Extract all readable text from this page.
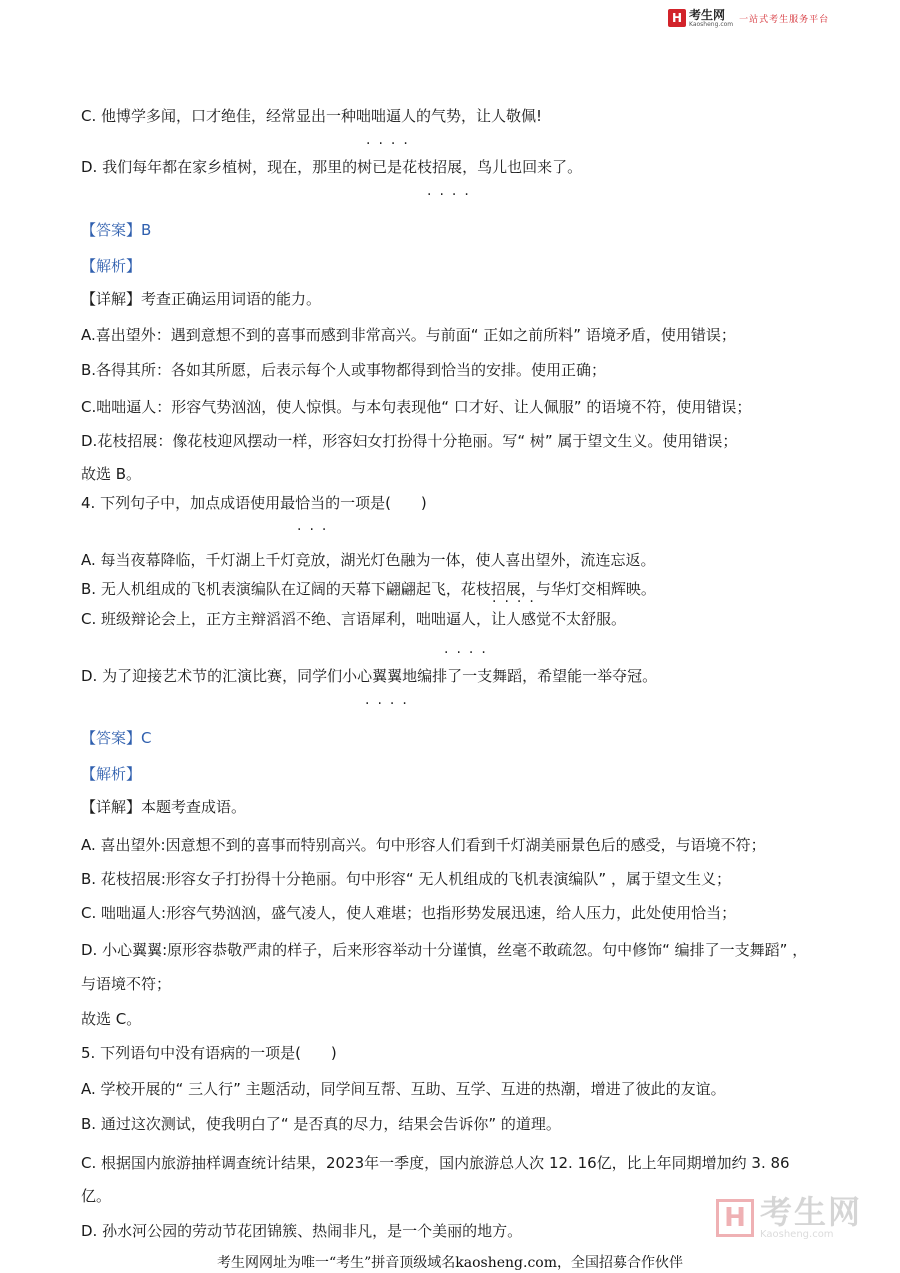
H 考生网
Kaosheng.com 一站式考生服务平台
C. 他博学多闻，口才绝佳，经常显出一种咄咄逼人的气势，让人敬佩!
····
D. 我们每年都在家乡植树，现在，那里的树已是花枝招展，鸟儿也回来了。
····
【答案】B
【解析】
【详解】考查正确运用词语的能力。
A.喜出望外：遇到意想不到的喜事而感到非常高兴。与前面“ 正如之前所料” 语境矛盾，使用错误；
B.各得其所：各如其所愿，后表示每个人或事物都得到恰当的安排。使用正确；
C.咄咄逼人：形容气势汹汹，使人惊惧。与本句表现他“ 口才好、让人佩服” 的语境不符，使用错误；
D.花枝招展：像花枝迎风摆动一样，形容妇女打扮得十分艳丽。写“ 树” 属于望文生义。使用错误；
故选 B。
4. 下列句子中，加点成语使用最恰当的一项是(　　)
···
A. 每当夜幕降临，千灯湖上千灯竞放，湖光灯色融为一体，使人喜出望外，流连忘返。
B. 无人机组成的飞机表演编队在辽阔的天幕下翩翩起飞，花枝招展，与华灯交相辉映。
····
C. 班级辩论会上，正方主辩滔滔不绝、言语犀利，咄咄逼人，让人感觉不太舒服。
····
D. 为了迎接艺术节的汇演比赛，同学们小心翼翼地编排了一支舞蹈，希望能一举夺冠。
····
【答案】C
【解析】
【详解】本题考查成语。
A. 喜出望外:因意想不到的喜事而特别高兴。句中形容人们看到千灯湖美丽景色后的感受，与语境不符；
B. 花枝招展:形容女子打扮得十分艳丽。句中形容“ 无人机组成的飞机表演编队” ，属于望文生义；
C. 咄咄逼人:形容气势汹汹，盛气凌人，使人难堪；也指形势发展迅速，给人压力，此处使用恰当；
D. 小心翼翼:原形容恭敬严肃的样子，后来形容举动十分谨慎，丝毫不敢疏忽。句中修饰“ 编排了一支舞蹈” ，
与语境不符；
故选 C。
5. 下列语句中没有语病的一项是(　　)
A. 学校开展的“ 三人行” 主题活动，同学间互帮、互助、互学、互进的热潮，增进了彼此的友谊。
B. 通过这次测试，使我明白了“ 是否真的尽力，结果会告诉你” 的道理。
C. 根据国内旅游抽样调查统计结果，2023年一季度，国内旅游总人次 12. 16亿，比上年同期增加约 3. 86
亿。
D. 孙水河公园的劳动节花团锦簇、热闹非凡，是一个美丽的地方。	H 考生网
Kaosheng.com
考生网网址为唯一“考生”拼音顶级域名kaosheng.com，全国招募合作伙伴
